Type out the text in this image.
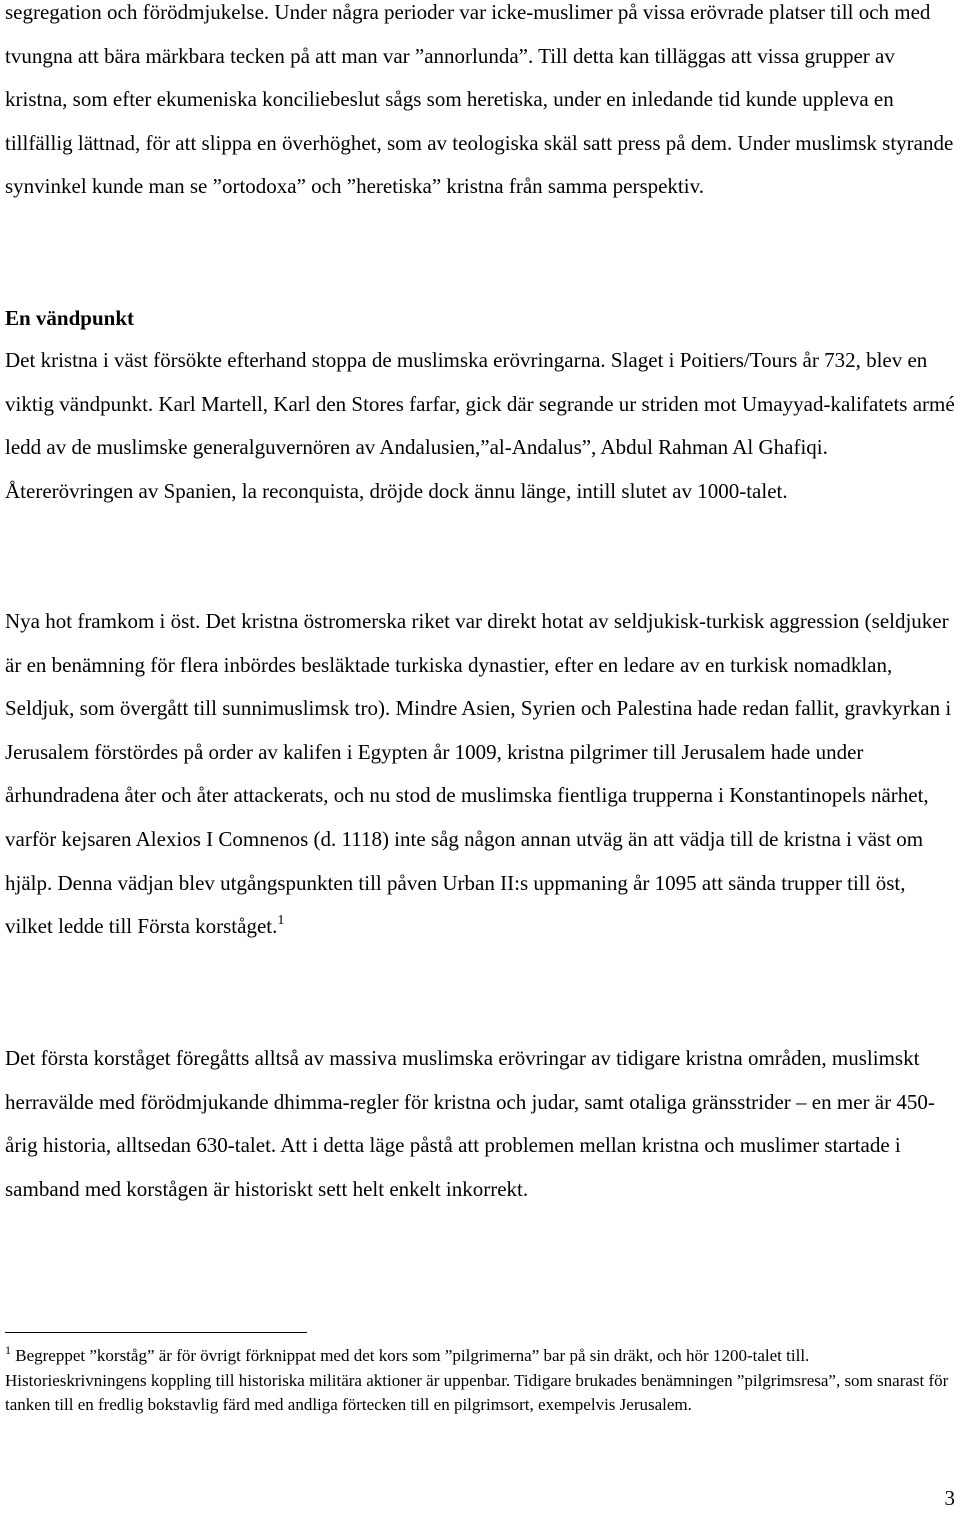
segregation och förödmjukelse. Under några perioder var icke-muslimer på vissa erövrade platser till och med tvungna att bära märkbara tecken på att man var ”annorlunda”. Till detta kan tilläggas att vissa grupper av kristna, som efter ekumeniska konciliebeslut sågs som heretiska, under en inledande tid kunde uppleva en tillfällig lättnad, för att slippa en överhöghet, som av teologiska skäl satt press på dem. Under muslimsk styrande synvinkel kunde man se ”ortodoxa” och ”heretiska” kristna från samma perspektiv.

En vändpunkt

Det kristna i väst försökte efterhand stoppa de muslimska erövringarna. Slaget i Poitiers/Tours år 732, blev en viktig vändpunkt. Karl Martell, Karl den Stores farfar, gick där segrande ur striden mot Umayyad-kalifatets armé ledd av de muslimske generalguvernören av Andalusien,”al-Andalus”, Abdul Rahman Al Ghafiqi. Återerövringen av Spanien, la reconquista, dröjde dock ännu länge, intill slutet av 1000-talet.

Nya hot framkom i öst. Det kristna östromerska riket var direkt hotat av seldjukisk-turkisk aggression (seldjuker är en benämning för flera inbördes besläktade turkiska dynastier, efter en ledare av en turkisk nomadklan, Seldjuk, som övergått till sunnimuslimsk tro). Mindre Asien, Syrien och Palestina hade redan fallit, gravkyrkan i Jerusalem förstördes på order av kalifen i Egypten år 1009, kristna pilgrimer till Jerusalem hade under århundradena åter och åter attackerats, och nu stod de muslimska fientliga trupperna i Konstantinopels närhet, varför kejsaren Alexios I Comnenos (d. 1118) inte såg någon annan utväg än att vädja till de kristna i väst om hjälp. Denna vädjan blev utgångspunkten till påven Urban II:s uppmaning år 1095 att sända trupper till öst, vilket ledde till Första korståget.$^1$

Det första korståget föregåtts alltså av massiva muslimska erövringar av tidigare kristna områden, muslimskt herravälde med förödmjukande dhimma-regler för kristna och judar, samt otaliga gränsstrider – en mer är 450-årig historia, alltsedan 630-talet. Att i detta läge påstå att problemen mellan kristna och muslimer startade i samband med korstågen är historiskt sett helt enkelt inkorrekt.

$^1$ Begreppet ”korståg” är för övrigt förknippat med det kors som ”pilgrimerna” bar på sin dräkt, och hör 1200-talet till. Historieskrivningens koppling till historiska militära aktioner är uppenbar. Tidigare brukades benämningen ”pilgrimsresa”, som snarast för tanken till en fredlig bokstavlig färd med andliga förtecken till en pilgrimsort, exempelvis Jerusalem.

3
